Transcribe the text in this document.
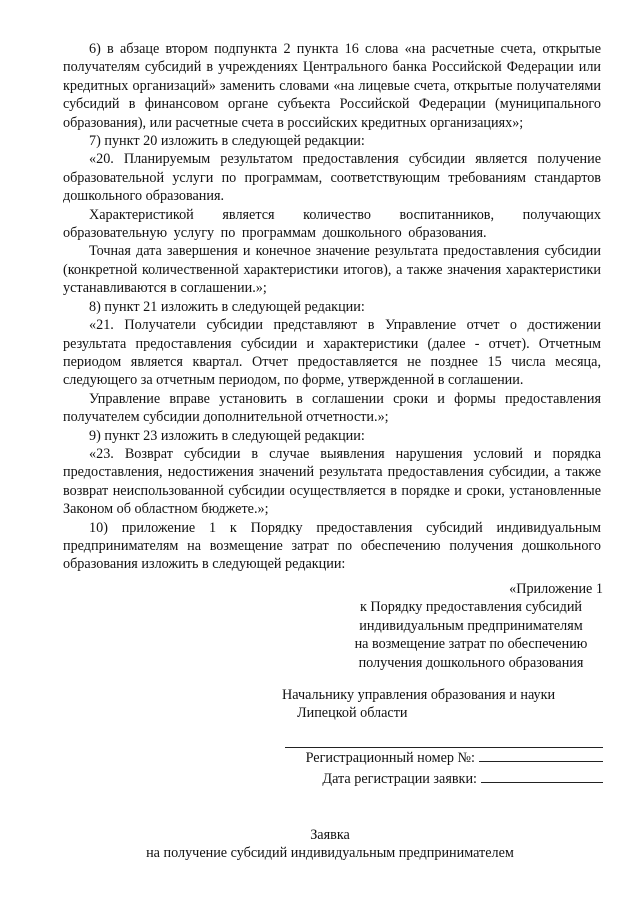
6) в абзаце втором подпункта 2 пункта 16 слова «на расчетные счета, открытые получателям субсидий в учреждениях Центрального банка Российской Федерации или кредитных организаций» заменить словами «на лицевые счета, открытые получателями субсидий в финансовом органе субъекта Российской Федерации (муниципального образования), или расчетные счета в российских кредитных организациях»;

7) пункт 20 изложить в следующей редакции:

«20. Планируемым результатом предоставления субсидии является получение образовательной услуги по программам, соответствующим требованиям стандартов дошкольного образования.

Характеристикой является количество воспитанников, получающих образовательную услугу по программам дошкольного образования.

Точная дата завершения и конечное значение результата предоставления субсидии (конкретной количественной характеристики итогов), а также значения характеристики устанавливаются в соглашении.»;

8) пункт 21 изложить в следующей редакции:

«21. Получатели субсидии представляют в Управление отчет о достижении результата предоставления субсидии и характеристики (далее - отчет). Отчетным периодом является квартал. Отчет предоставляется не позднее 15 числа месяца, следующего за отчетным периодом, по форме, утвержденной в соглашении.

Управление вправе установить в соглашении сроки и формы предоставления получателем субсидии дополнительной отчетности.»;

9) пункт 23 изложить в следующей редакции:

«23. Возврат субсидии в случае выявления нарушения условий и порядка предоставления, недостижения значений результата предоставления субсидии, а также возврат неиспользованной субсидии осуществляется в порядке и сроки, установленные Законом об областном бюджете.»;

10) приложение 1 к Порядку предоставления субсидий индивидуальным предпринимателям на возмещение затрат по обеспечению получения дошкольного образования изложить в следующей редакции:

«Приложение 1

к Порядку предоставления субсидий

индивидуальным предпринимателям

на возмещение затрат по обеспечению

получения дошкольного образования

Начальнику управления образования и науки

Липецкой области

Регистрационный номер №:

Дата регистрации заявки:

Заявка

на получение субсидий индивидуальным предпринимателем
